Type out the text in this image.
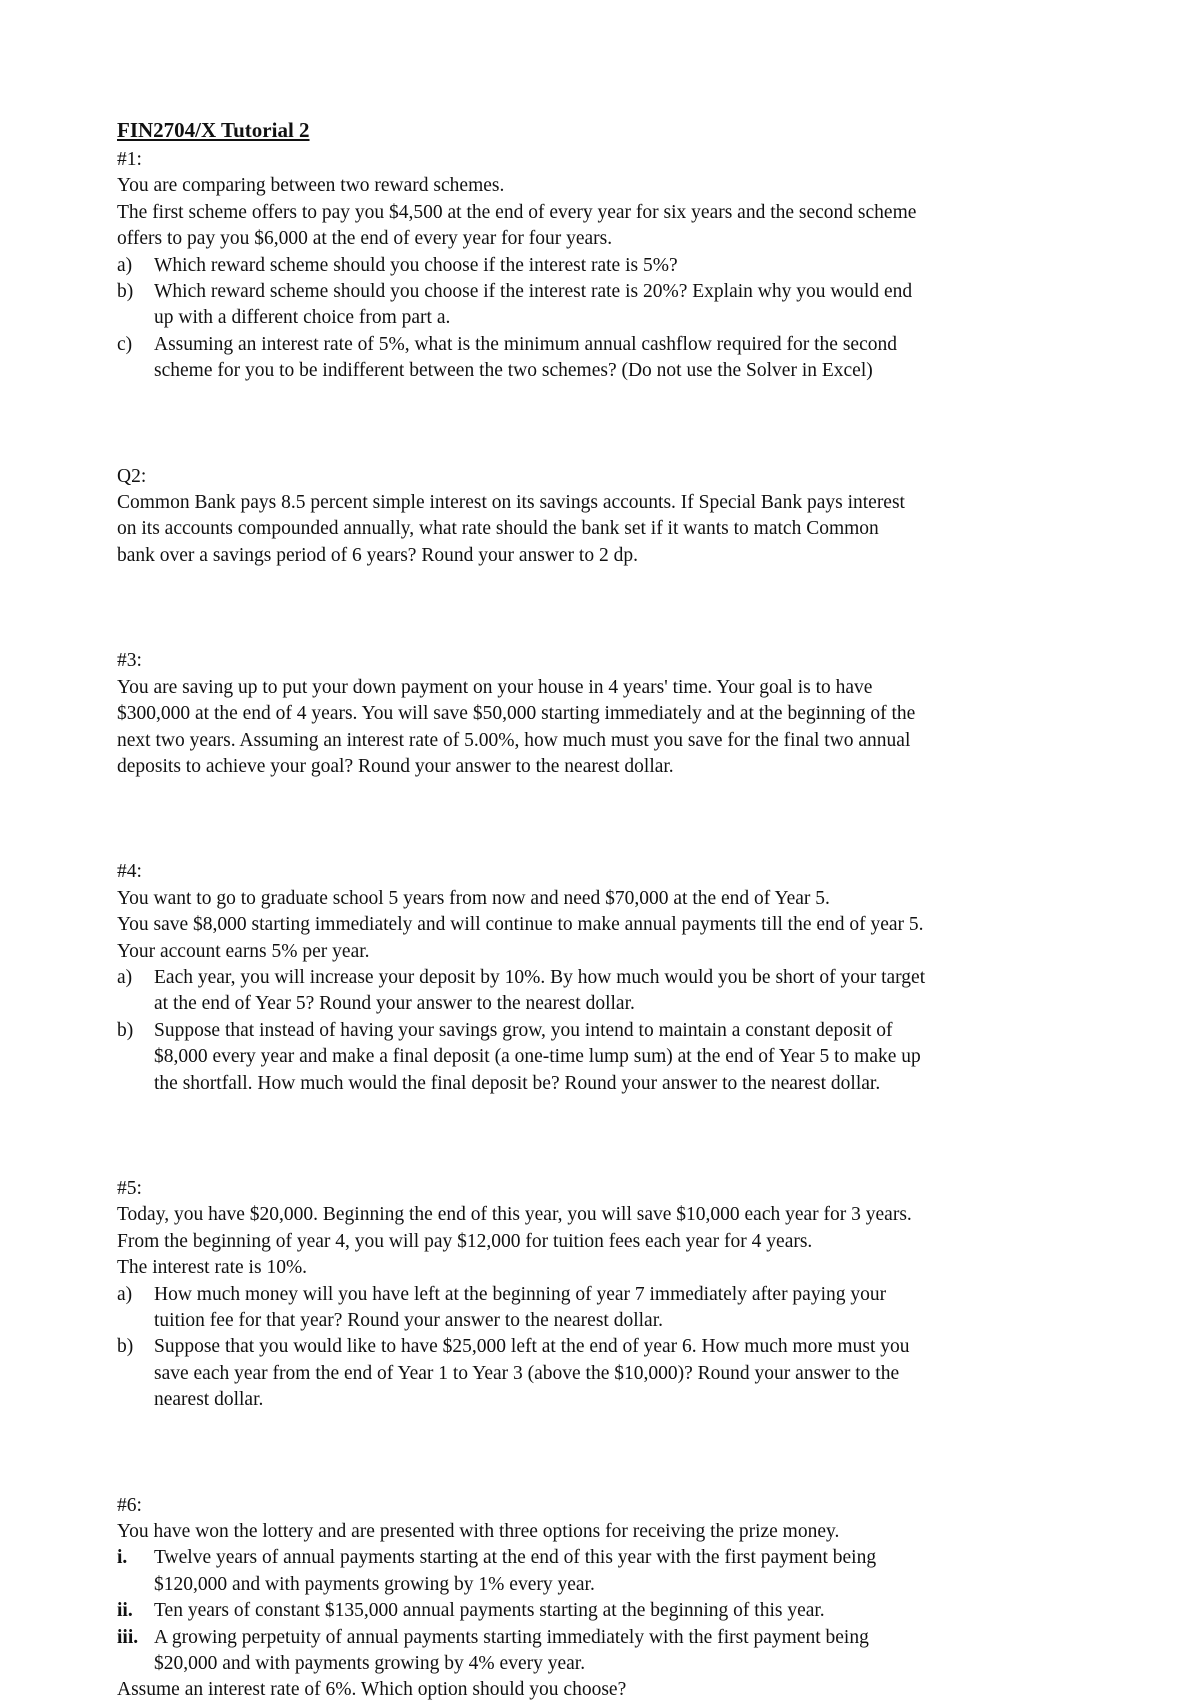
FIN2704/X Tutorial 2
#1:
You are comparing between two reward schemes.
The first scheme offers to pay you $4,500 at the end of every year for six years and the second scheme
offers to pay you $6,000 at the end of every year for four years.
a) Which reward scheme should you choose if the interest rate is 5%?
b) Which reward scheme should you choose if the interest rate is 20%? Explain why you would end
up with a different choice from part a.
c) Assuming an interest rate of 5%, what is the minimum annual cashflow required for the second
scheme for you to be indifferent between the two schemes? (Do not use the Solver in Excel)
Q2:
Common Bank pays 8.5 percent simple interest on its savings accounts. If Special Bank pays interest
on its accounts compounded annually, what rate should the bank set if it wants to match Common
bank over a savings period of 6 years? Round your answer to 2 dp.
#3:
You are saving up to put your down payment on your house in 4 years' time. Your goal is to have
$300,000 at the end of 4 years. You will save $50,000 starting immediately and at the beginning of the
next two years. Assuming an interest rate of 5.00%, how much must you save for the final two annual
deposits to achieve your goal? Round your answer to the nearest dollar.
#4:
You want to go to graduate school 5 years from now and need $70,000 at the end of Year 5.
You save $8,000 starting immediately and will continue to make annual payments till the end of year 5.
Your account earns 5% per year.
a) Each year, you will increase your deposit by 10%. By how much would you be short of your target
at the end of Year 5? Round your answer to the nearest dollar.
b) Suppose that instead of having your savings grow, you intend to maintain a constant deposit of
$8,000 every year and make a final deposit (a one-time lump sum) at the end of Year 5 to make up
the shortfall. How much would the final deposit be? Round your answer to the nearest dollar.
#5:
Today, you have $20,000. Beginning the end of this year, you will save $10,000 each year for 3 years.
From the beginning of year 4, you will pay $12,000 for tuition fees each year for 4 years.
The interest rate is 10%.
a) How much money will you have left at the beginning of year 7 immediately after paying your
tuition fee for that year? Round your answer to the nearest dollar.
b) Suppose that you would like to have $25,000 left at the end of year 6. How much more must you
save each year from the end of Year 1 to Year 3 (above the $10,000)? Round your answer to the
nearest dollar.
#6:
You have won the lottery and are presented with three options for receiving the prize money.
i. Twelve years of annual payments starting at the end of this year with the first payment being
$120,000 and with payments growing by 1% every year.
ii. Ten years of constant $135,000 annual payments starting at the beginning of this year.
iii. A growing perpetuity of annual payments starting immediately with the first payment being
$20,000 and with payments growing by 4% every year.
Assume an interest rate of 6%. Which option should you choose?
